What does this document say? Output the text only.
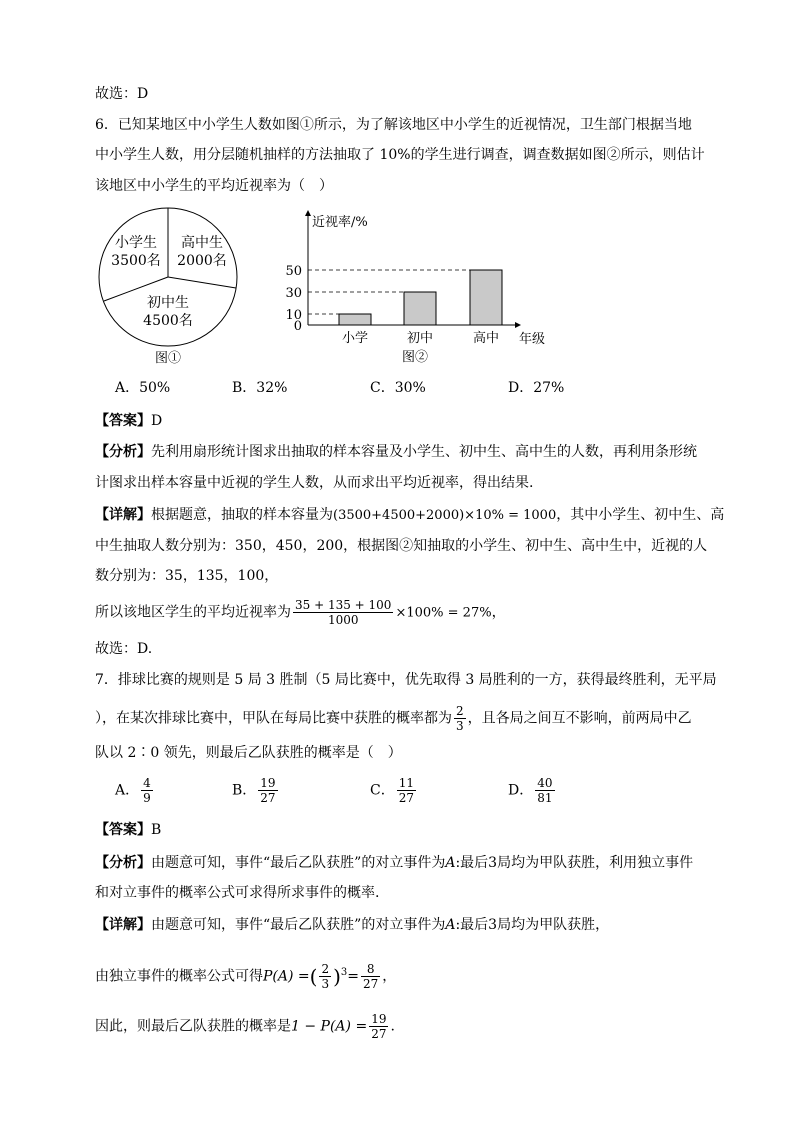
故选：D
6．已知某地区中小学生人数如图①所示，为了解该地区中小学生的近视情况，卫生部门根据当地
中小学生人数，用分层随机抽样的方法抽取了 10%的学生进行调查，调查数据如图②所示，则估计
该地区中小学生的平均近视率为（　）
小学生
3500名
高中生
2000名
初中生
4500名
图①
近视率/%
年级
0
10
30
50
小学	初中	高中
图②
A．50%	B．32%	C．30%	D．27%
【答案】D
【分析】先利用扇形统计图求出抽取的样本容量及小学生、初中生、高中生的人数，再利用条形统
计图求出样本容量中近视的学生人数，从而求出平均近视率，得出结果.
【详解】根据题意，抽取的样本容量为(3500+4500+2000)×10% = 1000，其中小学生、初中生、高
中生抽取人数分别为：350，450，200，根据图②知抽取的小学生、初中生、高中生中，近视的人
数分别为：35，135，100，
所以该地区学生的平均近视率为 $\frac{35 + 135 + 100}{1000} \times 100\% = 27\%$，
故选：D.
7．排球比赛的规则是 5 局 3 胜制（5 局比赛中，优先取得 3 局胜利的一方，获得最终胜利，无平局
），在某次排球比赛中，甲队在每局比赛中获胜的概率都为 $\frac{2}{3}$ ，且各局之间互不影响，前两局中乙
队以 2∶0 领先，则最后乙队获胜的概率是（　）
A． $\frac{4}{9}$	B． $\frac{19}{27}$	C． $\frac{11}{27}$	D． $\frac{40}{81}$
【答案】B
【分析】由题意可知，事件“最后乙队获胜”的对立事件为A:最后3局均为甲队获胜，利用独立事件
和对立事件的概率公式可求得所求事件的概率.
【详解】由题意可知，事件“最后乙队获胜”的对立事件为A:最后3局均为甲队获胜，
由独立事件的概率公式可得P(A) =( $\frac{2}{3} )^3= \frac{8}{27}$ ，
因此，则最后乙队获胜的概率是$1 - P(A) = \frac{19}{27}$ .
